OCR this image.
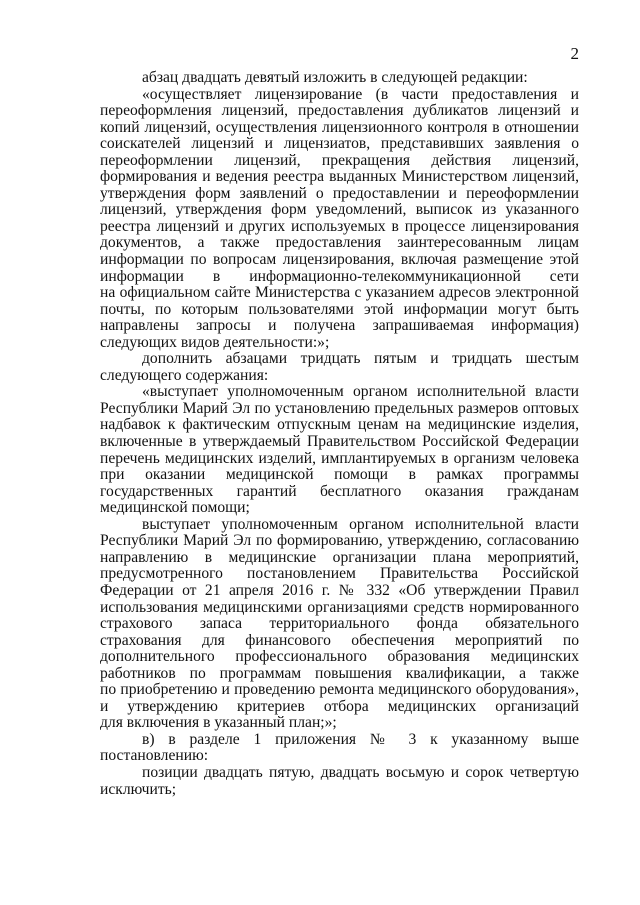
2
абзац двадцать девятый изложить в следующей редакции:
«осуществляет лицензирование (в части предоставления и
переоформления лицензий, предоставления дубликатов лицензий и
копий лицензий, осуществления лицензионного контроля в отношении
соискателей лицензий и лицензиатов, представивших заявления о
переоформлении лицензий, прекращения действия лицензий,
формирования и ведения реестра выданных Министерством лицензий,
утверждения форм заявлений о предоставлении и переоформлении
лицензий, утверждения форм уведомлений, выписок из указанного
реестра лицензий и других используемых в процессе лицензирования
документов, а также предоставления заинтересованным лицам
информации по вопросам лицензирования, включая размещение этой
информации в информационно-телекоммуникационной сети
на официальном сайте Министерства с указанием адресов электронной
почты, по которым пользователями этой информации могут быть
направлены запросы и получена запрашиваемая информация)
следующих видов деятельности:»;
дополнить абзацами тридцать пятым и тридцать шестым
следующего содержания:
«выступает уполномоченным органом исполнительной власти
Республики Марий Эл по установлению предельных размеров оптовых
надбавок к фактическим отпускным ценам на медицинские изделия,
включенные в утверждаемый Правительством Российской Федерации
перечень медицинских изделий, имплантируемых в организм человека
при оказании медицинской помощи в рамках программы
государственных гарантий бесплатного оказания гражданам
медицинской помощи;
выступает уполномоченным органом исполнительной власти
Республики Марий Эл по формированию, утверждению, согласованию
направлению в медицинские организации плана мероприятий,
предусмотренного постановлением Правительства Российской
Федерации от 21 апреля 2016 г. № 332 «Об утверждении Правил
использования медицинскими организациями средств нормированного
страхового запаса территориального фонда обязательного
страхования для финансового обеспечения мероприятий по
дополнительного профессионального образования медицинских
работников по программам повышения квалификации, а также
по приобретению и проведению ремонта медицинского оборудования»,
и утверждению критериев отбора медицинских организаций
для включения в указанный план;»;
в) в разделе 1 приложения № 3 к указанному выше
постановлению:
позиции двадцать пятую, двадцать восьмую и сорок четвертую
исключить;
